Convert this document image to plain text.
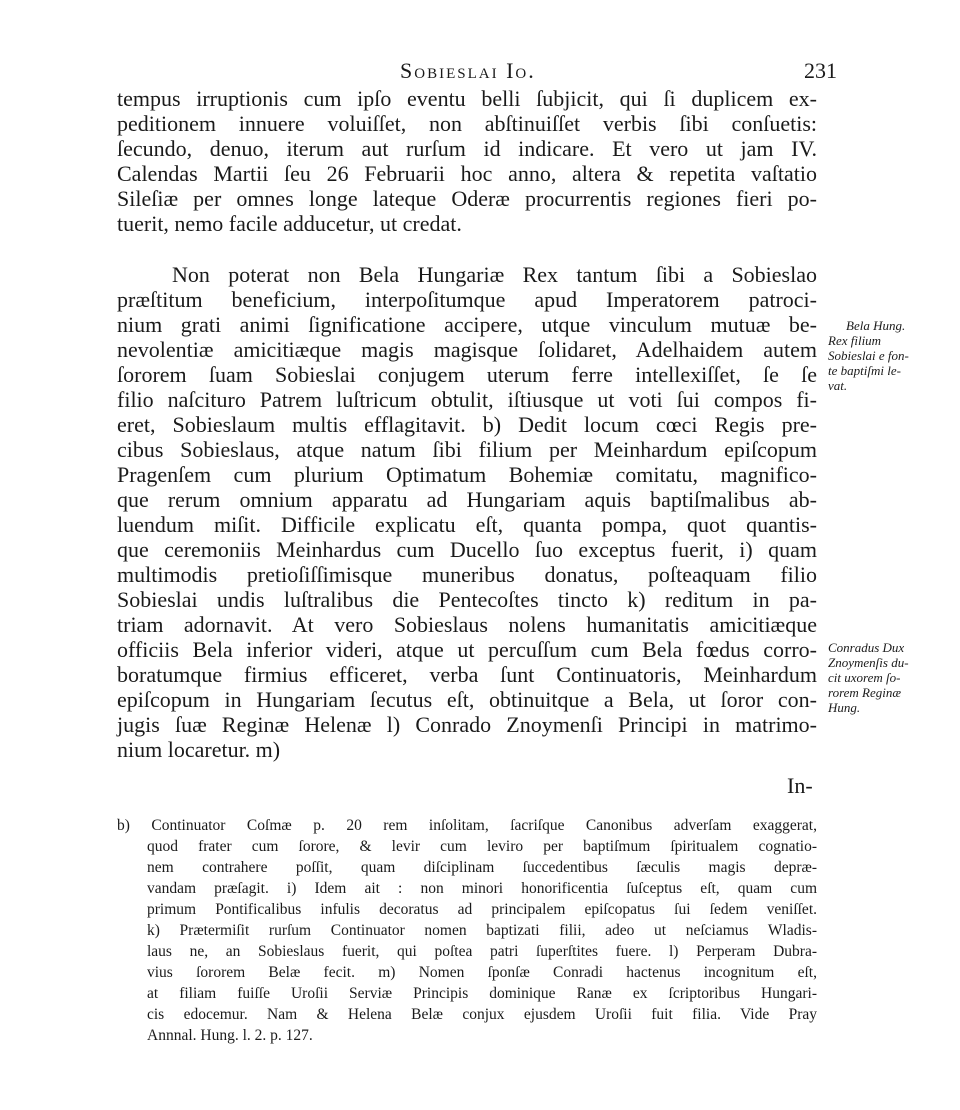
Sobieslai Io.	231
tempus irruptionis cum ipſo eventu belli ſubjicit, qui ſi duplicem ex-
peditionem innuere voluiſſet, non abſtinuiſſet verbis ſibi conſuetis:
ſecundo, denuo, iterum aut rurſum id indicare. Et vero ut jam IV.
Calendas Martii ſeu 26 Februarii hoc anno, altera & repetita vaſtatio
Sileſiæ per omnes longe lateque Oderæ procurrentis regiones fieri po-
tuerit, nemo facile adducetur, ut credat.
Non poterat non Bela Hungariæ Rex tantum ſibi a Sobieslao
præſtitum beneficium, interpoſitumque apud Imperatorem patroci-
nium grati animi ſignificatione accipere, utque vinculum mutuæ be-
nevolentiæ amicitiæque magis magisque ſolidaret, Adelhaidem autem
ſororem ſuam Sobieslai conjugem uterum ferre intellexiſſet, ſe ſe
filio naſcituro Patrem luſtricum obtulit, iſtiusque ut voti ſui compos fi-
eret, Sobieslaum multis efflagitavit. b) Dedit locum cœci Regis pre-
cibus Sobieslaus, atque natum ſibi filium per Meinhardum epiſcopum
Pragenſem cum plurium Optimatum Bohemiæ comitatu, magnifico-
que rerum omnium apparatu ad Hungariam aquis baptiſmalibus ab-
luendum miſit. Difficile explicatu eſt, quanta pompa, quot quantis-
que ceremoniis Meinhardus cum Ducello ſuo exceptus fuerit, i) quam
multimodis pretioſiſſimisque muneribus donatus, poſteaquam filio
Sobieslai undis luſtralibus die Pentecoſtes tincto k) reditum in pa-
triam adornavit. At vero Sobieslaus nolens humanitatis amicitiæque
officiis Bela inferior videri, atque ut percuſſum cum Bela fœdus corro-
boratumque firmius efficeret, verba ſunt Continuatoris, Meinhardum
epiſcopum in Hungariam ſecutus eſt, obtinuitque a Bela, ut ſoror con-
jugis ſuæ Reginæ Helenæ l) Conrado Znoymenſi Principi in matrimo-
nium locaretur. m)
Bela Hung.
Rex filium
Sobieslai e fon-
te baptiſmi le-
vat.
Conradus Dux
Znoymenſis du-
cit uxorem ſo-
rorem Reginæ
Hung.
In-
b) Continuator Coſmæ p. 20 rem inſolitam, ſacriſque Canonibus adverſam exaggerat,
quod frater cum ſorore, & levir cum leviro per baptiſmum ſpiritualem cognatio-
nem contrahere poſſit, quam diſciplinam ſuccedentibus ſæculis magis depræ-
vandam præſagit. i) Idem ait : non minori honorificentia ſuſceptus eſt, quam cum
primum Pontificalibus infulis decoratus ad principalem epiſcopatus ſui ſedem veniſſet.
k) Prætermiſit rurſum Continuator nomen baptizati filii, adeo ut neſciamus Wladis-
laus ne, an Sobieslaus fuerit, qui poſtea patri ſuperſtites fuere. l) Perperam Dubra-
vius ſororem Belæ fecit. m) Nomen ſponſæ Conradi hactenus incognitum eſt,
at filiam fuiſſe Uroſii Serviæ Principis dominique Ranæ ex ſcriptoribus Hungari-
cis edocemur. Nam & Helena Belæ conjux ejusdem Uroſii fuit filia. Vide Pray
Annnal. Hung. l. 2. p. 127.
